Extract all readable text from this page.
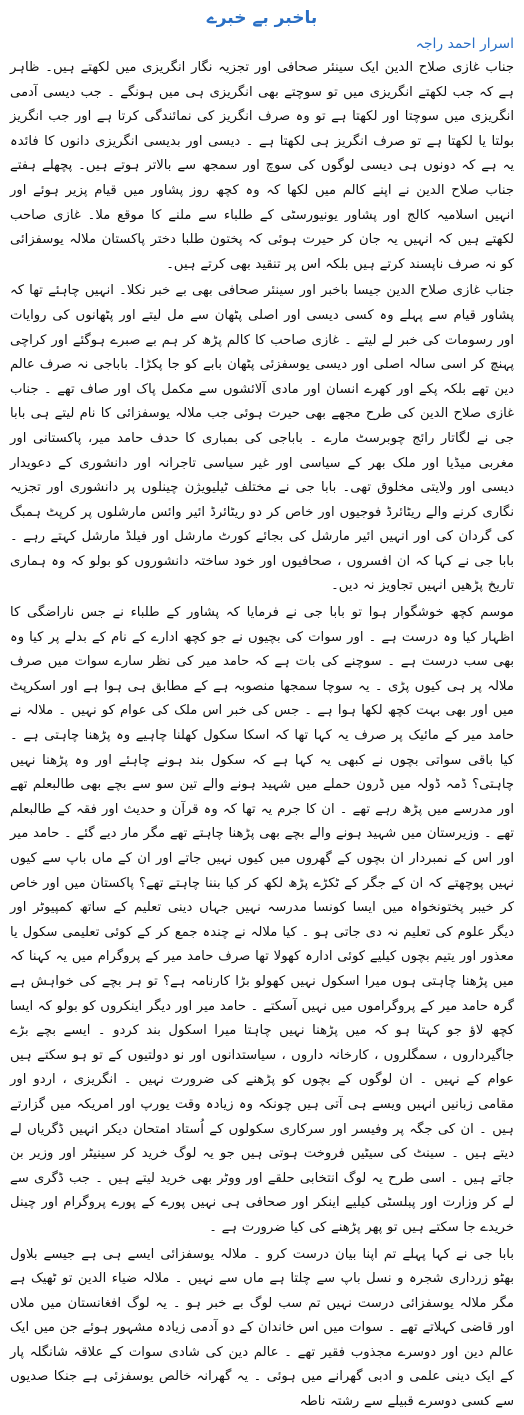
باخبر بے خبرے
اسرار احمد راجہ

جناب غازی صلاح الدین ایک سینئر صحافی اور تجزیہ نگار انگریزی میں لکھتے ہیں۔ ظاہر ہے کہ جب لکھتے انگریزی میں تو سوچتے بھی انگریزی ہی میں ہونگے ۔ جب دیسی آدمی انگریزی میں سوچتا اور لکھتا ہے تو وہ صرف انگریز کی نمائندگی کرتا ہے اور جب انگریز بولتا یا لکھتا ہے تو صرف انگریز ہی لکھتا ہے ۔ دیسی اور بدیسی انگریزی دانوں کا فائدہ یہ ہے کہ دونوں ہی دیسی لوگوں کی سوچ اور سمجھ سے بالاتر ہوتے ہیں۔ پچھلے ہفتے جناب صلاح الدین نے اپنے کالم میں لکھا کہ وہ کچھ روز پشاور میں قیام پزیر ہوئے اور انہیں اسلامیہ کالج اور پشاور یونیورسٹی کے طلباء سے ملنے کا موقع ملا۔ غازی صاحب لکھتے ہیں کہ انہیں یہ جان کر حیرت ہوئی کہ پختون طلبا دختر پاکستان ملالہ یوسفزائی کو نہ صرف ناپسند کرتے ہیں بلکہ اس پر تنقید بھی کرتے ہیں۔

جناب غازی صلاح الدین جیسا باخبر اور سینئر صحافی بھی بے خبر نکلا۔ انہیں چاہئے تھا کہ پشاور قیام سے پہلے وہ کسی دیسی اور اصلی پٹھان سے مل لیتے اور پٹھانوں کی روایات اور رسومات کی خبر لے لیتے ۔ غازی صاحب کا کالم پڑھ کر ہم بے صبرے ہوگئے اور کراچی پہنچ کر اسی سالہ اصلی اور دیسی یوسفزئی پٹھان بابے کو جا پکڑا۔ باباجی نہ صرف عالم دین تھے بلکہ پکے اور کھرے انسان اور مادی آلائشوں سے مکمل پاک اور صاف تھے ۔ جناب غازی صلاح الدین کی طرح مجھے بھی حیرت ہوئی جب ملالہ یوسفزائی کا نام لیتے ہی بابا جی نے لگاتار رائج چوبرسٹ مارے ۔ باباجی کی بمباری کا حدف حامد میر، پاکستانی اور مغربی میڈیا اور ملک بھر کے سیاسی اور غیر سیاسی تاجرانہ اور دانشوری کے دعویدار دیسی اور ولایتی مخلوق تھی۔ بابا جی نے مختلف ٹیلیویژن چینلوں پر دانشوری اور تجزیہ نگاری کرنے والے ریٹائرڈ فوجیوں اور خاص کر دو ریٹائرڈ ائیر وائس مارشلوں پر کرپٹ ہمبگ کی گردان کی اور انہیں ائیر مارشل کی بجائے کورٹ مارشل اور فیلڈ مارشل کہتے رہے ۔ بابا جی نے کہا کہ ان افسروں ، صحافیوں اور خود ساختہ دانشوروں کو بولو کہ وہ ہماری تاریخ پڑھیں انہیں تجاویز نہ دیں۔

موسم کچھ خوشگوار ہوا تو بابا جی نے فرمایا کہ پشاور کے طلباء نے جس ناراضگی کا اظہار کیا وہ درست ہے ۔ اور سوات کی بچیوں نے جو کچھ ادارے کے نام کے بدلے پر کیا وہ بھی سب درست ہے ۔ سوچنے کی بات ہے کہ حامد میر کی نظر سارے سوات میں صرف ملالہ پر ہی کیوں پڑی ۔ یہ سوچا سمجھا منصوبہ ہے کے مطابق ہی ہوا ہے اور اسکرپٹ میں اور بھی بہت کچھ لکھا ہوا ہے ۔ جس کی خبر اس ملک کی عوام کو نہیں ۔ ملالہ نے حامد میر کے مائیک پر صرف یہ کہا تھا کہ اسکا سکول کھلنا چاہیے وہ پڑھنا چاہتی ہے ۔ کیا باقی سواتی بچوں نے کبھی یہ کہا ہے کہ سکول بند ہونے چاہئے اور وہ پڑھنا نہیں چاہتی؟ ڈمہ ڈولہ میں ڈرون حملے میں شہید ہونے والے تین سو سے بچے بھی طالبعلم تھے اور مدرسے میں پڑھ رہے تھے ۔ ان کا جرم یہ تھا کہ وہ قرآن و حدیث اور فقہ کے طالبعلم تھے ۔ وزیرستان میں شہید ہونے والے بچے بھی پڑھنا چاہتے تھے مگر مار دیے گئے ۔ حامد میر اور اس کے نمبردار ان بچوں کے گھروں میں کیوں نہیں جاتے اور ان کے ماں باپ سے کیوں نہیں پوچھتے کہ ان کے جگر کے ٹکڑے پڑھ لکھ کر کیا بننا چاہتے تھے؟ پاکستان میں اور خاص کر خیبر پختونخواہ میں ایسا کونسا مدرسہ نہیں جہاں دینی تعلیم کے ساتھ کمپیوٹر اور دیگر علوم کی تعلیم نہ دی جاتی ہو ۔ کیا ملالہ نے چندہ جمع کر کے کوئی تعلیمی سکول یا معذور اور یتیم بچوں کیلیے کوئی ادارہ کھولا تھا صرف حامد میر کے پروگرام میں یہ کہنا کہ میں پڑھنا چاہتی ہوں میرا اسکول نہیں کھولو بڑا کارنامہ ہے؟ تو ہر بچے کی خواہش ہے گرہ حامد میر کے پروگراموں میں نہیں آسکتے ۔ حامد میر اور دیگر اینکروں کو بولو کہ ایسا کچھ لاؤ جو کہتا ہو کہ میں پڑھنا نہیں چاہتا میرا اسکول بند کردو ۔ ایسے بچے بڑے جاگیرداروں ، سمگلروں ، کارخانہ داروں ، سیاستدانوں اور نو دولتیوں کے تو ہو سکتے ہیں عوام کے نہیں ۔ ان لوگوں کے بچوں کو پڑھنے کی ضرورت نہیں ۔ انگریزی ، اردو اور مقامی زبانیں انہیں ویسے ہی آتی ہیں چونکہ وہ زیادہ وقت یورپ اور امریکہ میں گزارتے ہیں ۔ ان کی جگہ پر وفیسر اور سرکاری سکولوں کے اُستاد امتحان دیکر انہیں ڈگریاں لے دیتے ہیں ۔ سینٹ کی سیٹیں فروخت ہوتی ہیں جو یہ لوگ خرید کر سینیٹر اور وزیر بن جاتے ہیں ۔ اسی طرح یہ لوگ انتخابی حلقے اور ووٹر بھی خرید لیتے ہیں ۔ جب ڈگری سے لے کر وزارت اور پبلسٹی کیلیے اینکر اور صحافی ہی نہیں پورے کے پورے پروگرام اور چینل خریدے جا سکتے ہیں تو پھر پڑھنے کی کیا ضرورت ہے ۔

بابا جی نے کہا پہلے تم اپنا بیان درست کرو ۔ ملالہ یوسفزائی ایسے ہی ہے جیسے بلاول بھٹو زرداری شجرہ و نسل باپ سے چلتا ہے ماں سے نہیں ۔ ملالہ ضیاء الدین تو ٹھیک ہے مگر ملالہ یوسفزائی درست نہیں تم سب لوگ بے خبر ہو ۔ یہ لوگ افغانستان میں ملاں اور قاضی کہلاتے تھے ۔ سوات میں اس خاندان کے دو آدمی زیادہ مشہور ہوئے جن میں ایک عالم دین اور دوسرے مجذوب فقیر تھے ۔ عالم دین کی شادی سوات کے علاقہ شانگلہ پار کے ایک دینی علمی و ادبی گھرانے میں ہوئی ۔ یہ گھرانہ خالص یوسفزئی ہے جنکا صدیوں سے کسی دوسرے قبیلے سے رشتہ ناطہ
